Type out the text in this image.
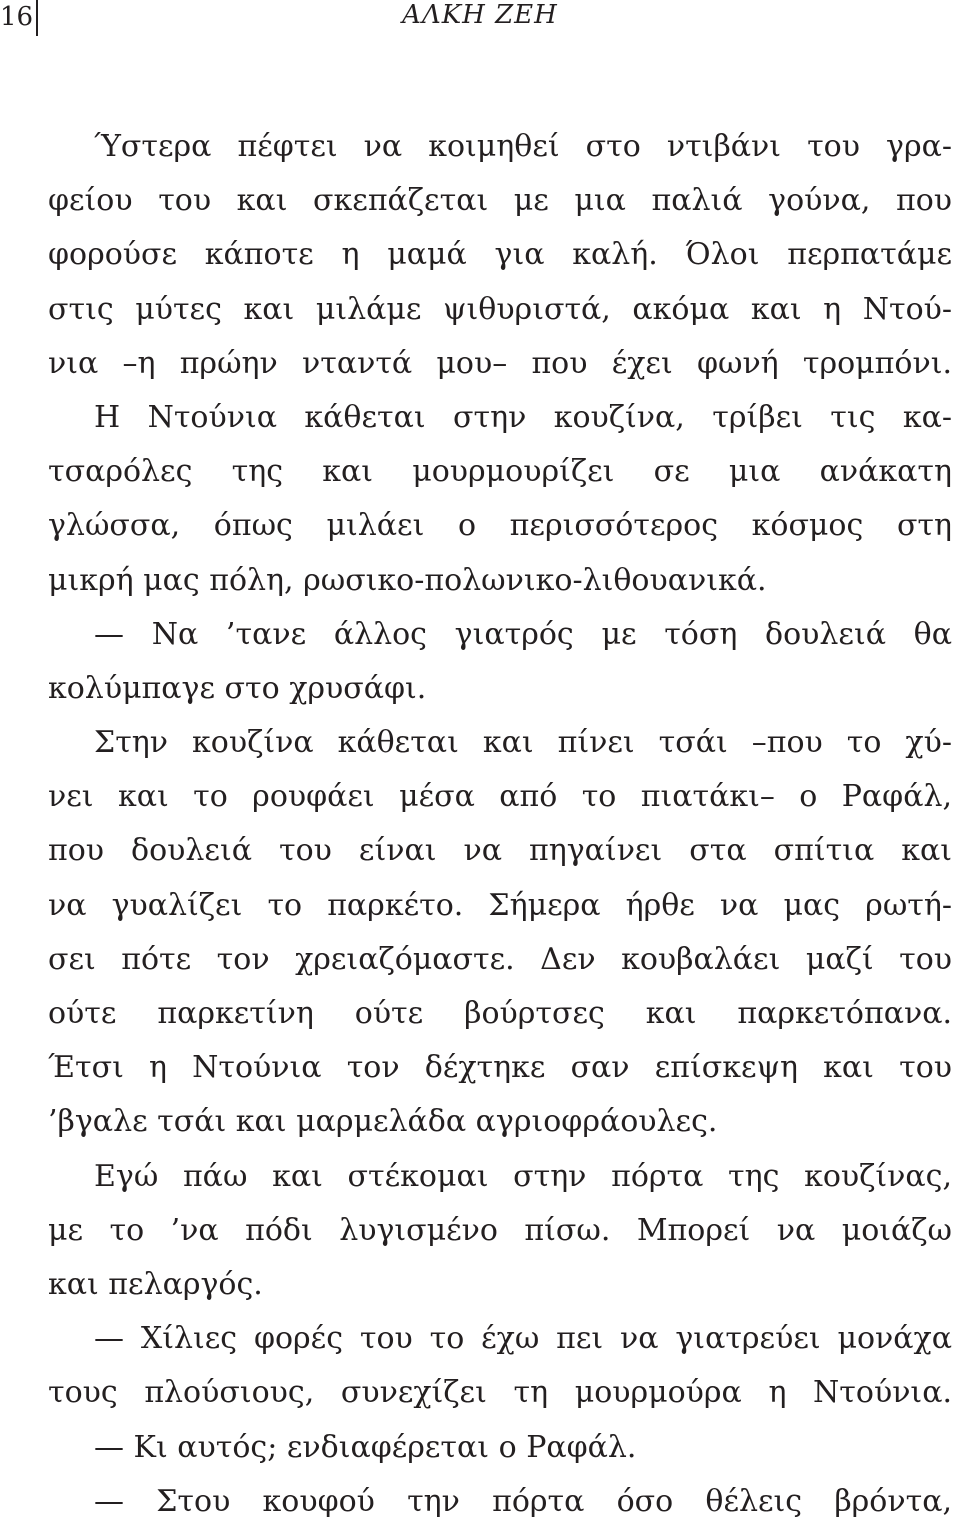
16	ΑΛΚΗ ΖΕΗ
Ύστερα πέφτει να κοιμηθεί στο ντιβάνι του γρα-
φείου του και σκεπάζεται με μια παλιά γούνα, που
φορούσε κάποτε η μαμά για καλή. Όλοι περπατάμε
στις μύτες και μιλάμε ψιθυριστά, ακόμα και η Ντού-
νια –η πρώην νταντά μου– που έχει φωνή τρομπόνι.
Η Ντούνια κάθεται στην κουζίνα, τρίβει τις κα-
τσαρόλες της και μουρμουρίζει σε μια ανάκατη
γλώσσα, όπως μιλάει ο περισσότερος κόσμος στη
μικρή μας πόλη, ρωσικο-πολωνικο-λιθουανικά.
— Να ’τανε άλλος γιατρός με τόση δουλειά θα
κολύμπαγε στο χρυσάφι.
Στην κουζίνα κάθεται και πίνει τσάι –που το χύ-
νει και το ρουφάει μέσα από το πιατάκι– ο Ραφάλ,
που δουλειά του είναι να πηγαίνει στα σπίτια και
να γυαλίζει το παρκέτο. Σήμερα ήρθε να μας ρωτή-
σει πότε τον χρειαζόμαστε. Δεν κουβαλάει μαζί του
ούτε παρκετίνη ούτε βούρτσες και παρκετόπανα.
Έτσι η Ντούνια τον δέχτηκε σαν επίσκεψη και του
’βγαλε τσάι και μαρμελάδα αγριοφράουλες.
Εγώ πάω και στέκομαι στην πόρτα της κουζίνας,
με το ’να πόδι λυγισμένο πίσω. Μπορεί να μοιάζω
και πελαργός.
— Χίλιες φορές του το έχω πει να γιατρεύει μονάχα
τους πλούσιους, συνεχίζει τη μουρμούρα η Ντούνια.
— Κι αυτός; ενδιαφέρεται ο Ραφάλ.
— Στου κουφού την πόρτα όσο θέλεις βρόντα,
